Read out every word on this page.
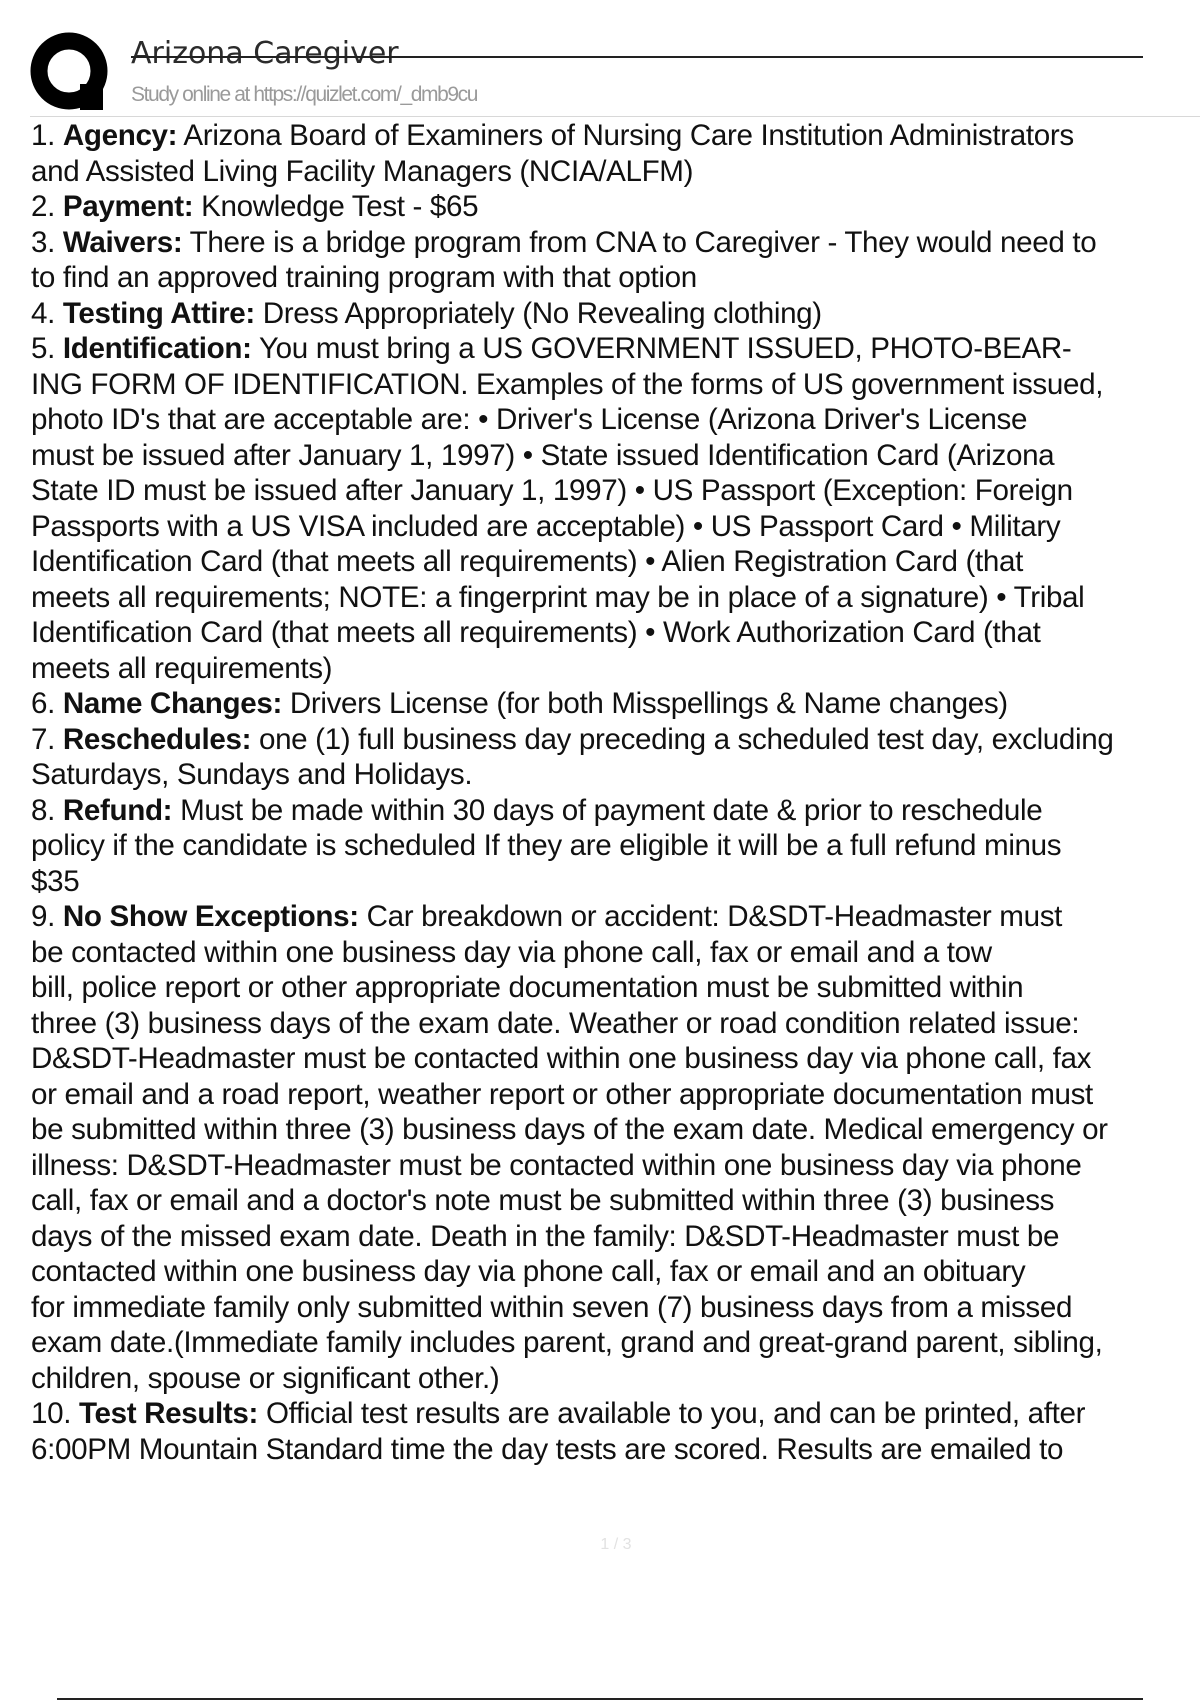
Arizona Caregiver
Study online at https://quizlet.com/_dmb9cu
1. Agency: Arizona Board of Examiners of Nursing Care Institution Administrators
and Assisted Living Facility Managers (NCIA/ALFM)
2. Payment: Knowledge Test - $65
3. Waivers: There is a bridge program from CNA to Caregiver - They would need to
to find an approved training program with that option
4. Testing Attire: Dress Appropriately (No Revealing clothing)
5. Identification: You must bring a US GOVERNMENT ISSUED, PHOTO-BEAR-
ING FORM OF IDENTIFICATION. Examples of the forms of US government issued,
photo ID's that are acceptable are: • Driver's License (Arizona Driver's License
must be issued after January 1, 1997) • State issued Identification Card (Arizona
State ID must be issued after January 1, 1997) • US Passport (Exception: Foreign
Passports with a US VISA included are acceptable) • US Passport Card • Military
Identification Card (that meets all requirements) • Alien Registration Card (that
meets all requirements; NOTE: a fingerprint may be in place of a signature) • Tribal
Identification Card (that meets all requirements) • Work Authorization Card (that
meets all requirements)
6. Name Changes: Drivers License (for both Misspellings & Name changes)
7. Reschedules: one (1) full business day preceding a scheduled test day, excluding
Saturdays, Sundays and Holidays.
8. Refund: Must be made within 30 days of payment date & prior to reschedule
policy if the candidate is scheduled If they are eligible it will be a full refund minus
$35
9. No Show Exceptions: Car breakdown or accident: D&SDT-Headmaster must
be contacted within one business day via phone call, fax or email and a tow
bill, police report or other appropriate documentation must be submitted within
three (3) business days of the exam date. Weather or road condition related issue:
D&SDT-Headmaster must be contacted within one business day via phone call, fax
or email and a road report, weather report or other appropriate documentation must
be submitted within three (3) business days of the exam date. Medical emergency or
illness: D&SDT-Headmaster must be contacted within one business day via phone
call, fax or email and a doctor's note must be submitted within three (3) business
days of the missed exam date. Death in the family: D&SDT-Headmaster must be
contacted within one business day via phone call, fax or email and an obituary
for immediate family only submitted within seven (7) business days from a missed
exam date.(Immediate family includes parent, grand and great-grand parent, sibling,
children, spouse or significant other.)
10. Test Results: Official test results are available to you, and can be printed, after
6:00PM Mountain Standard time the day tests are scored. Results are emailed to
1 / 3
